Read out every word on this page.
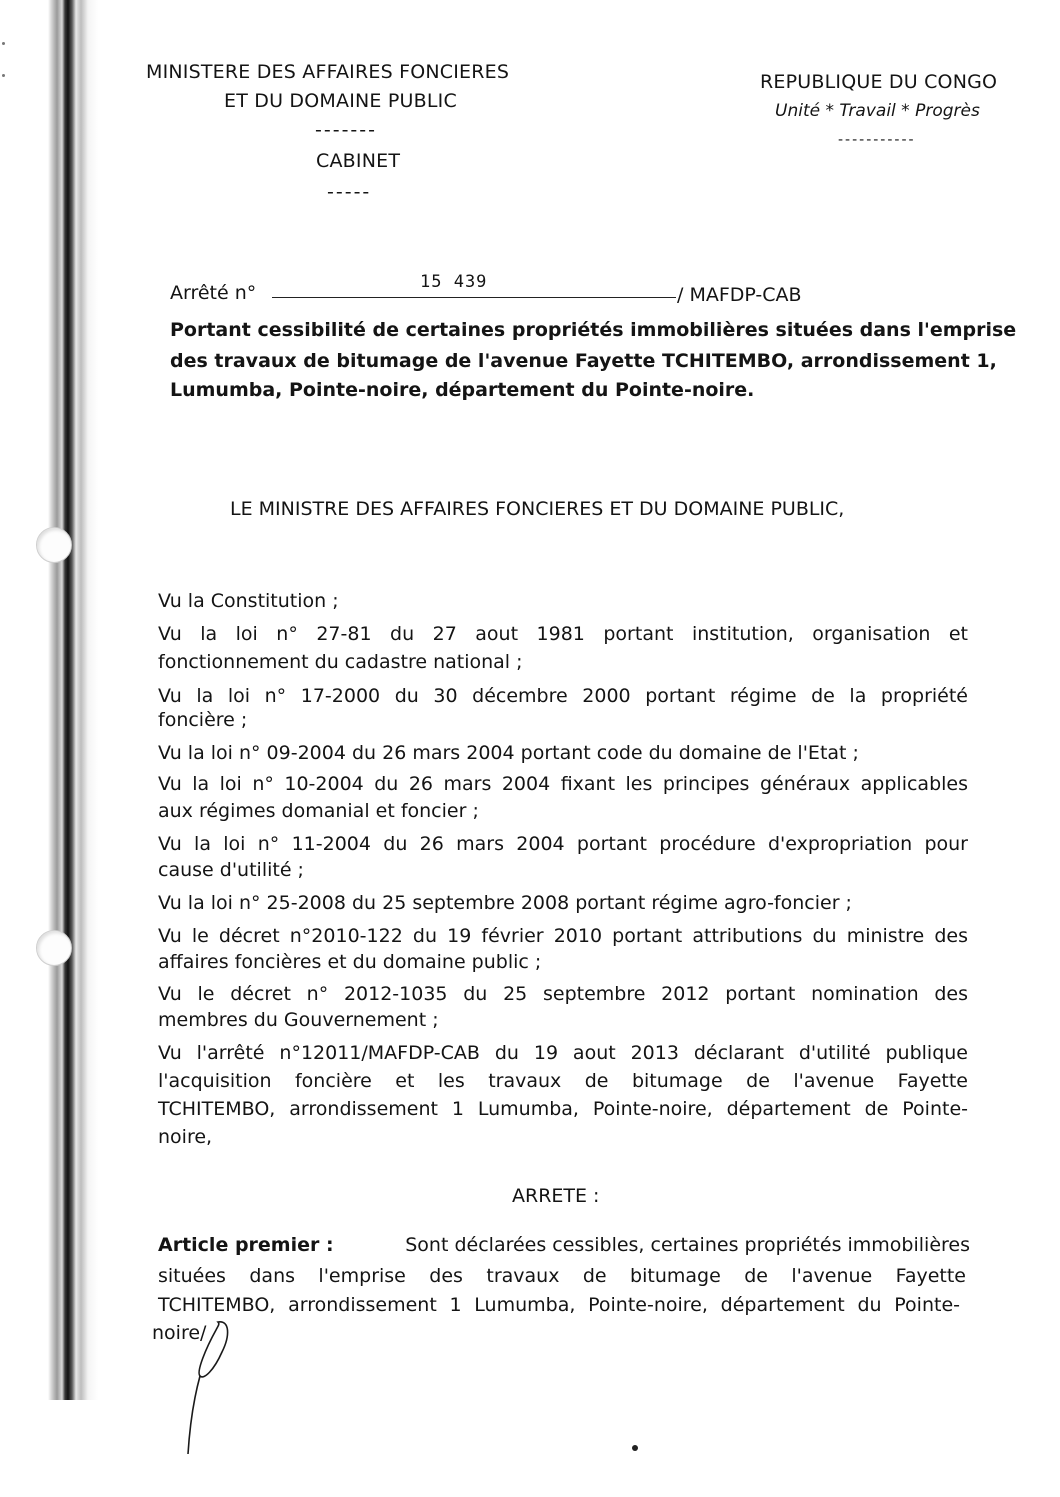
MINISTERE DES AFFAIRES FONCIERES
ET DU DOMAINE PUBLIC
-------
CABINET
-----
REPUBLIQUE DU CONGO
Unité * Travail * Progrès
-----------
Arrêté n°	15 439
/ MAFDP-CAB
Portant cessibilité de certaines propriétés immobilières situées dans l'emprise
des travaux de bitumage de l'avenue Fayette TCHITEMBO, arrondissement 1,
Lumumba, Pointe-noire, département du Pointe-noire.
LE MINISTRE DES AFFAIRES FONCIERES ET DU DOMAINE PUBLIC,
Vu la Constitution ;
Vu la loi n° 27-81 du 27 aout 1981 portant institution, organisation et
fonctionnement du cadastre national ;
Vu la loi n° 17-2000 du 30 décembre 2000 portant régime de la propriété
foncière ;
Vu la loi n° 09-2004 du 26 mars 2004 portant code du domaine de l'Etat ;
Vu la loi n° 10-2004 du 26 mars 2004 fixant les principes généraux applicables
aux régimes domanial et foncier ;
Vu la loi n° 11-2004 du 26 mars 2004 portant procédure d'expropriation pour
cause d'utilité ;
Vu la loi n° 25-2008 du 25 septembre 2008 portant régime agro-foncier ;
Vu le décret n°2010-122 du 19 février 2010 portant attributions du ministre des
affaires foncières et du domaine public ;
Vu le décret n° 2012-1035 du 25 septembre 2012 portant nomination des
membres du Gouvernement ;
Vu l'arrêté n°12011/MAFDP-CAB du 19 aout 2013 déclarant d'utilité publique
l'acquisition foncière et les travaux de bitumage de l'avenue Fayette
TCHITEMBO, arrondissement 1 Lumumba, Pointe-noire, département de Pointe-
noire,
ARRETE :
Article premier :	Sont déclarées cessibles, certaines propriétés immobilières
situées dans l'emprise des travaux de bitumage de l'avenue Fayette
TCHITEMBO, arrondissement 1 Lumumba, Pointe-noire, département du Pointe-
noire/
